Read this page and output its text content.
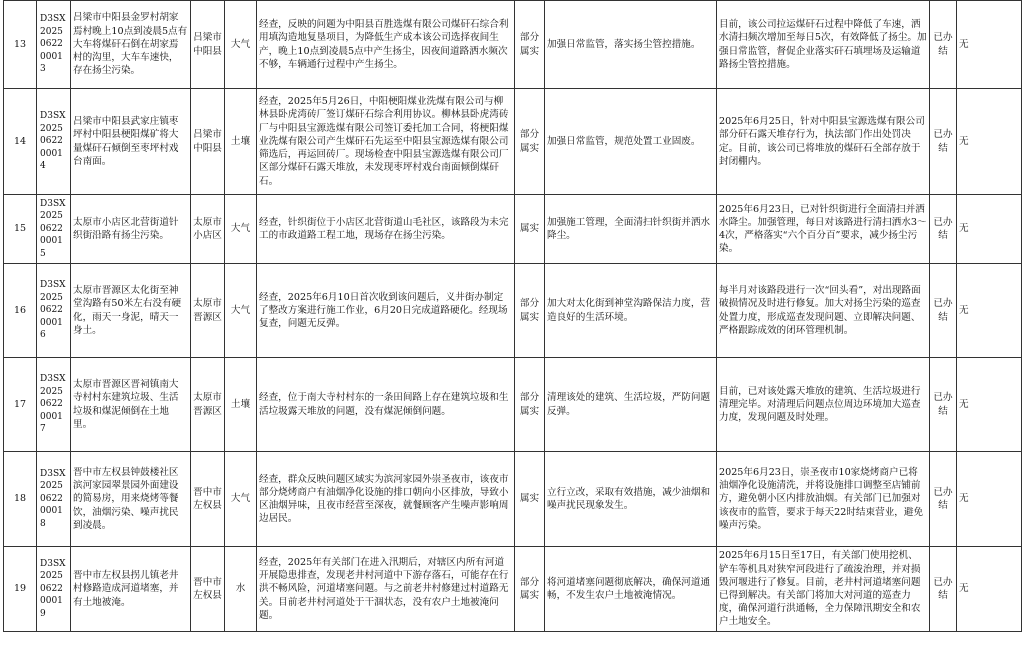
13	D3SX2025062200013	吕梁市中阳县金罗村胡家焉村晚上10点到凌晨5点有大车将煤矸石倒在胡家焉村的沟里，大车车速快，存在扬尘污染。	吕梁市中阳县	大气	经查，反映的问题为中阳县百胜选煤有限公司煤矸石综合利用填沟造地复垦项目，为降低生产成本该公司选择夜间生产，晚上10点到凌晨5点中产生扬尘，因夜间道路洒水频次不够，车辆通行过程中产生扬尘。	部分属实	加强日常监管，落实扬尘管控措施。	目前，该公司拉运煤矸石过程中降低了车速，洒水清扫频次增加至每日5次，有效降低了扬尘。加强日常监管，督促企业落实矸石填埋场及运输道路扬尘管控措施。	已办结	无
14	D3SX2025062200014	吕梁市中阳县武家庄镇枣坪村中阳县梗阳煤矿将大量煤矸石倾倒至枣坪村戏台南面。	吕梁市中阳县	土壤	经查，2025年5月26日，中阳梗阳煤业洗煤有限公司与柳林县卧虎湾砖厂签订煤矸石综合利用协议。柳林县卧虎湾砖厂与中阳县宝源选煤有限公司签订委托加工合同，将梗阳煤业洗煤有限公司产生煤矸石先运至中阳县宝源选煤有限公司筛选后，再运回砖厂。现场检查中阳县宝源选煤有限公司厂区部分煤矸石露天堆放，未发现枣坪村戏台南面倾倒煤矸石。	部分属实	加强日常监管，规范处置工业固废。	2025年6月25日，针对中阳县宝源选煤有限公司部分矸石露天堆存行为，执法部门作出处罚决定。目前，该公司已将堆放的煤矸石全部存放于封闭棚内。	已办结	无
15	D3SX2025062200015	太原市小店区北营街道针织街沿路有扬尘污染。	太原市小店区	大气	经查，针织街位于小店区北营街道山毛社区，该路段为未完工的市政道路工程工地，现场存在扬尘污染。	属实	加强施工管理，全面清扫针织街并洒水降尘。	2025年6月23日，已对针织街进行全面清扫并洒水降尘。加强管理，每日对该路进行清扫洒水3～4次，严格落实“六个百分百”要求，减少扬尘污染。	已办结	无
16	D3SX2025062200016	太原市晋源区太化街至神堂沟路有50米左右没有硬化，雨天一身泥，晴天一身土。	太原市晋源区	大气	经查，2025年6月10日首次收到该问题后，义井街办制定了整改方案进行施工作业，6月20日完成道路硬化。经现场复查，问题无反弹。	部分属实	加大对太化街到神堂沟路保洁力度，营造良好的生活环境。	每半月对该路段进行一次“回头看”，对出现路面破损情况及时进行修复。加大对扬尘污染的巡查处置力度，形成巡查发现问题、立即解决问题、严格跟踪成效的闭环管理机制。	已办结	无
17	D3SX2025062200017	太原市晋源区晋祠镇南大寺村村东建筑垃圾、生活垃圾和煤泥倾倒在土地里。	太原市晋源区	土壤	经查，位于南大寺村村东的一条田间路上存在建筑垃圾和生活垃圾露天堆放的问题，没有煤泥倾倒问题。	部分属实	清理该处的建筑、生活垃圾，严防问题反弹。	目前，已对该处露天堆放的建筑、生活垃圾进行清理完毕。对清理后问题点位周边环境加大巡查力度，发现问题及时处理。	已办结	无
18	D3SX2025062200018	晋中市左权县钟鼓楼社区滨河家园翠景园外面建设的简易房，用来烧烤等餐饮，油烟污染、噪声扰民到凌晨。	晋中市左权县	大气	经查，群众反映问题区域实为滨河家园外崇圣夜市，该夜市部分烧烤商户有油烟净化设施的排口朝向小区排放，导致小区油烟异味，且夜市经营至深夜，就餐顾客产生噪声影响周边居民。	属实	立行立改，采取有效措施，减少油烟和噪声扰民现象发生。	2025年6月23日，崇圣夜市10家烧烤商户已将油烟净化设施清洗，并将设施排口调整至店铺前方，避免朝小区内排放油烟。有关部门已加强对该夜市的监管，要求于每天22时结束营业，避免噪声污染。	已办结	无
19	D3SX2025062200019	晋中市左权县拐儿镇老井村修路造成河道堵塞，并有土地被淹。	晋中市左权县	水	经查，2025年有关部门在进入汛期后，对辖区内所有河道开展隐患排查，发现老井村河道中下游存落石，可能存在行洪不畅风险，河道堵塞问题。与之前老井村修建过村道路无关。目前老井村河道处于干涸状态，没有农户土地被淹问题。	部分属实	将河道堵塞问题彻底解决，确保河道通畅，不发生农户土地被淹情况。	2025年6月15日至17日，有关部门使用挖机、铲车等机具对狭窄河段进行了疏浚治理，并对损毁河堰进行了修复。目前，老井村河道堵塞问题已得到解决。有关部门将加大对河道的巡查力度，确保河道行洪通畅，全力保障汛期安全和农户土地安全。	已办结	无
